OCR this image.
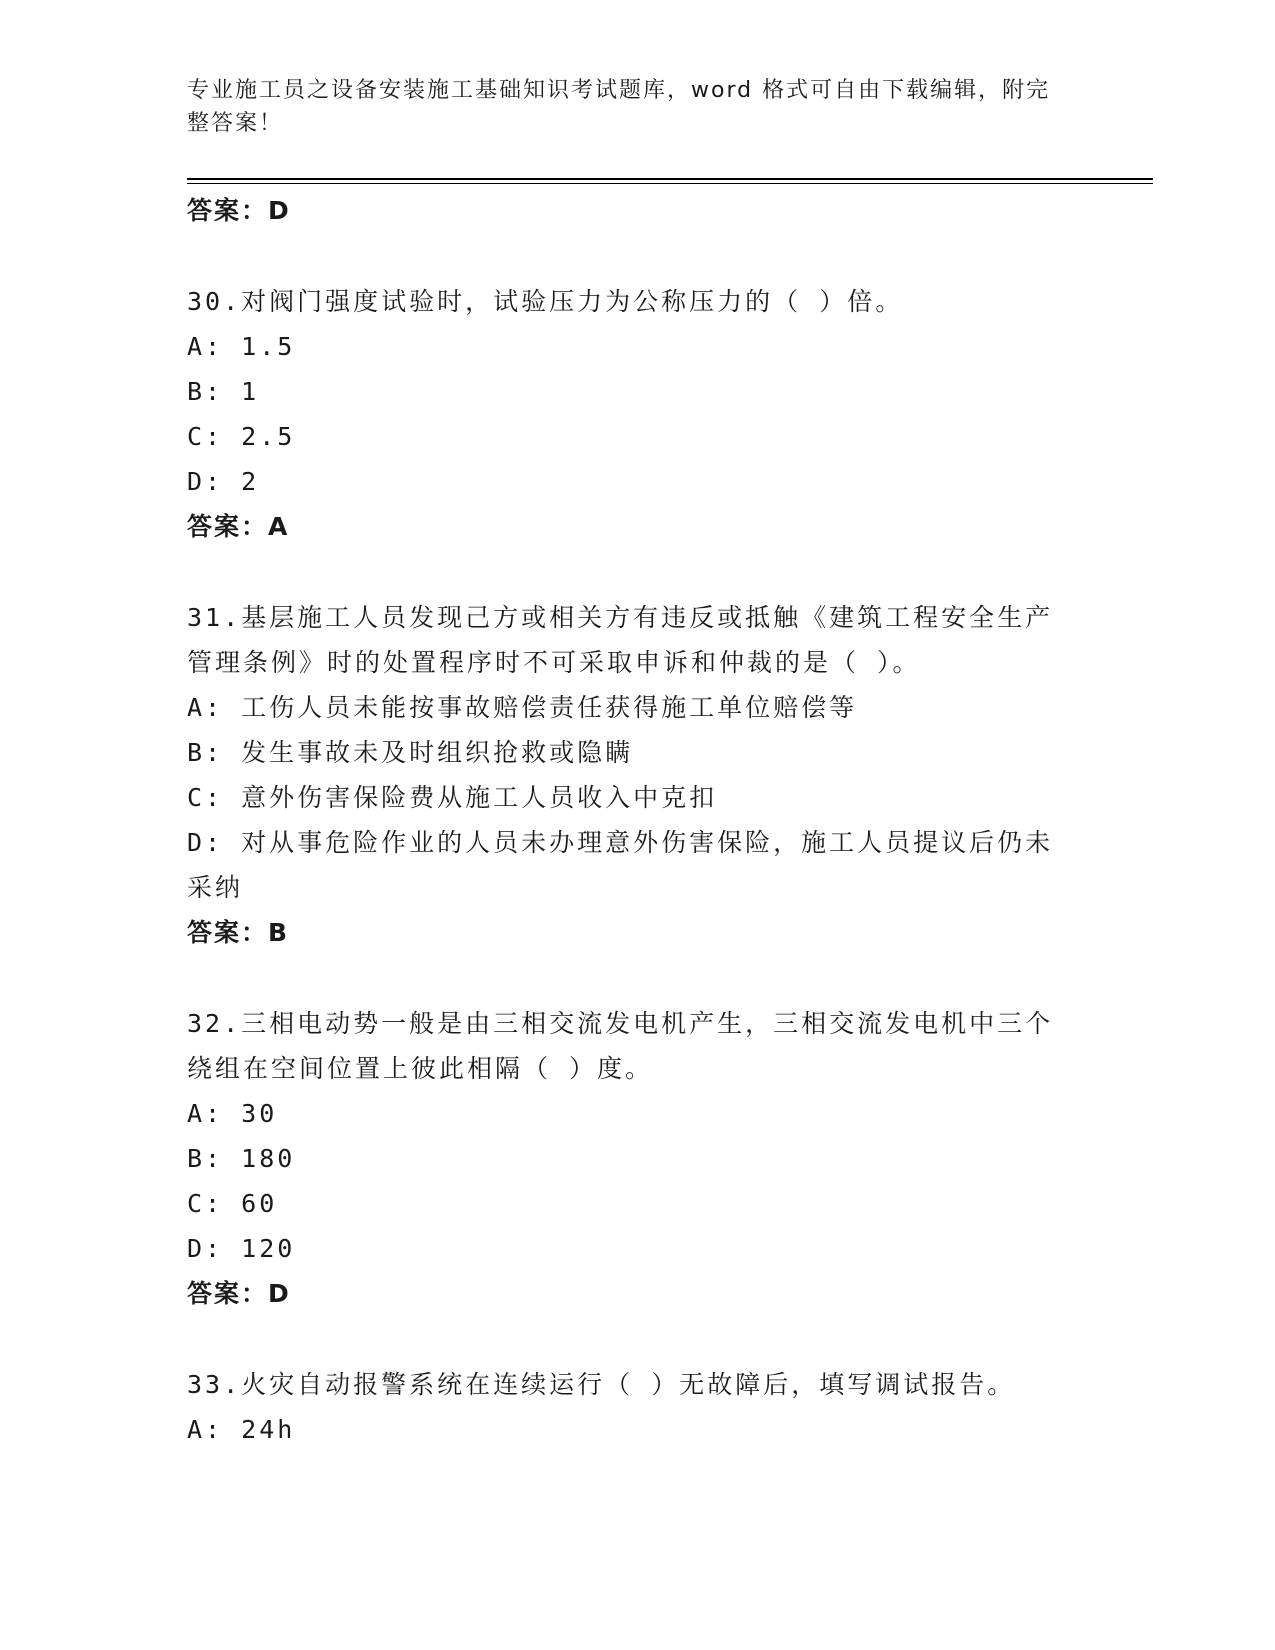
专业施工员之设备安装施工基础知识考试题库，word 格式可自由下载编辑，附完整答案！
答案：D
30.对阀门强度试验时，试验压力为公称压力的（ ）倍。
A: 1.5
B: 1
C: 2.5
D: 2
答案：A
31.基层施工人员发现己方或相关方有违反或抵触《建筑工程安全生产
管理条例》时的处置程序时不可采取申诉和仲裁的是（ ）。
A: 工伤人员未能按事故赔偿责任获得施工单位赔偿等
B: 发生事故未及时组织抢救或隐瞒
C: 意外伤害保险费从施工人员收入中克扣
D: 对从事危险作业的人员未办理意外伤害保险，施工人员提议后仍未
采纳
答案：B
32.三相电动势一般是由三相交流发电机产生，三相交流发电机中三个
绕组在空间位置上彼此相隔（ ）度。
A: 30
B: 180
C: 60
D: 120
答案：D
33.火灾自动报警系统在连续运行（ ）无故障后，填写调试报告。
A: 24h
